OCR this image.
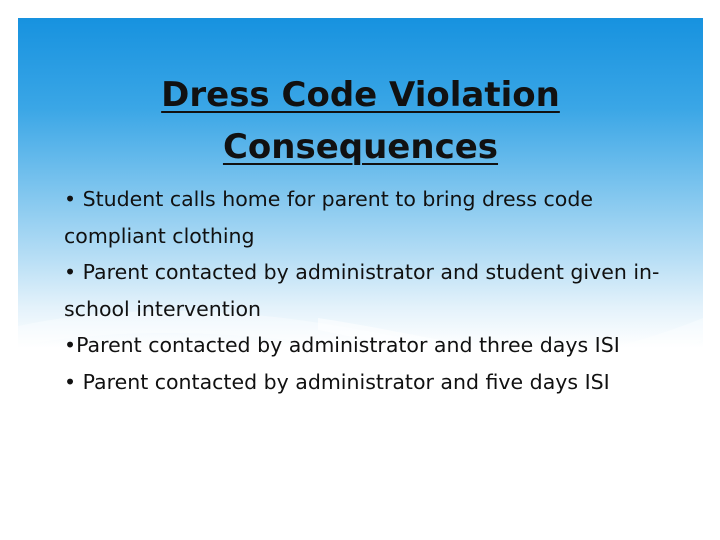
Dress Code Violation
Consequences
• Student calls home for parent to bring dress code compliant clothing
• Parent contacted by administrator and student given in-school intervention
•Parent contacted by administrator and three days ISI
• Parent contacted by administrator and five days ISI
